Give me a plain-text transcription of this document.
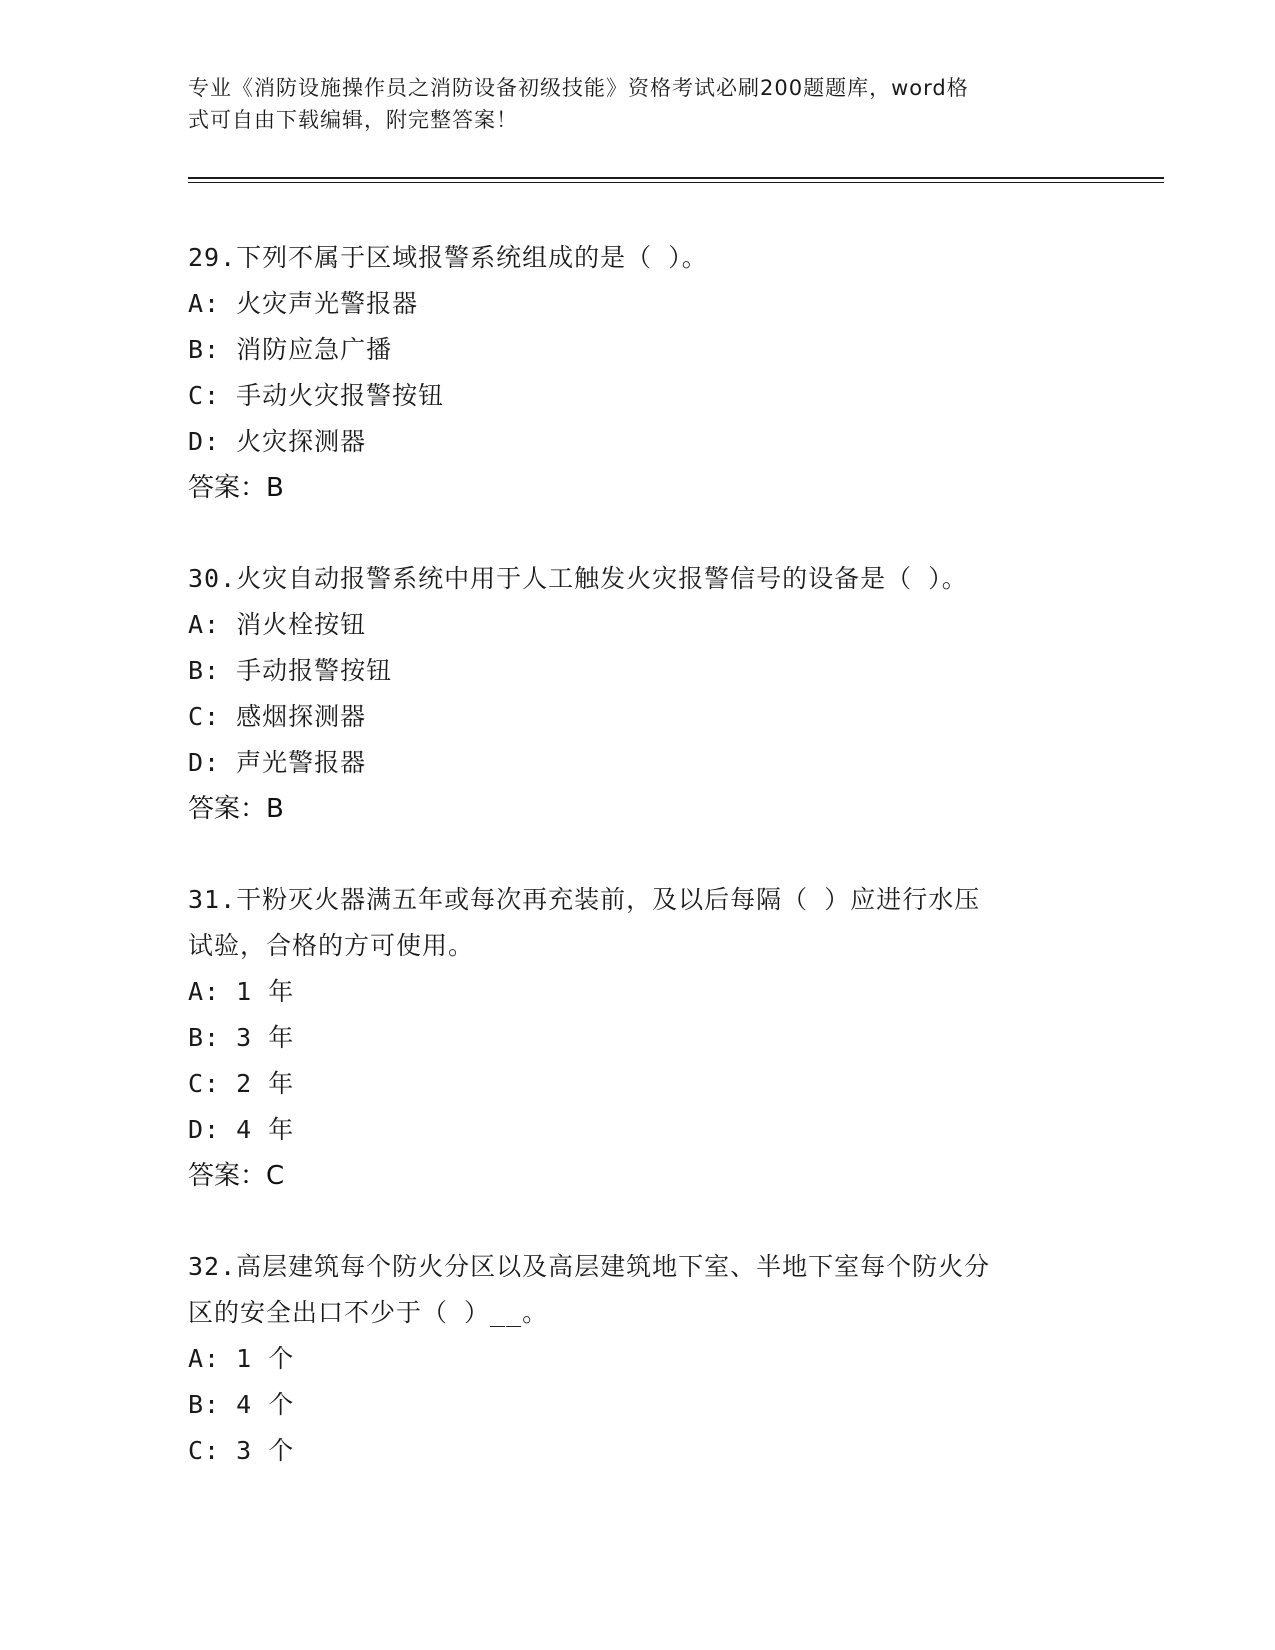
专业《消防设施操作员之消防设备初级技能》资格考试必刷200题题库，word格
式可自由下载编辑，附完整答案！

29.下列不属于区域报警系统组成的是（ ）。

A: 火灾声光警报器

B: 消防应急广播

C: 手动火灾报警按钮

D: 火灾探测器

答案：B

30.火灾自动报警系统中用于人工触发火灾报警信号的设备是（ ）。

A: 消火栓按钮

B: 手动报警按钮

C: 感烟探测器

D: 声光警报器

答案：B

31.干粉灭火器满五年或每次再充装前，及以后每隔（ ）应进行水压

试验，合格的方可使用。

A: 1 年

B: 3 年

C: 2 年

D: 4 年

答案：C

32.高层建筑每个防火分区以及高层建筑地下室、半地下室每个防火分

区的安全出口不少于（ ）__。

A: 1 个

B: 4 个

C: 3 个
